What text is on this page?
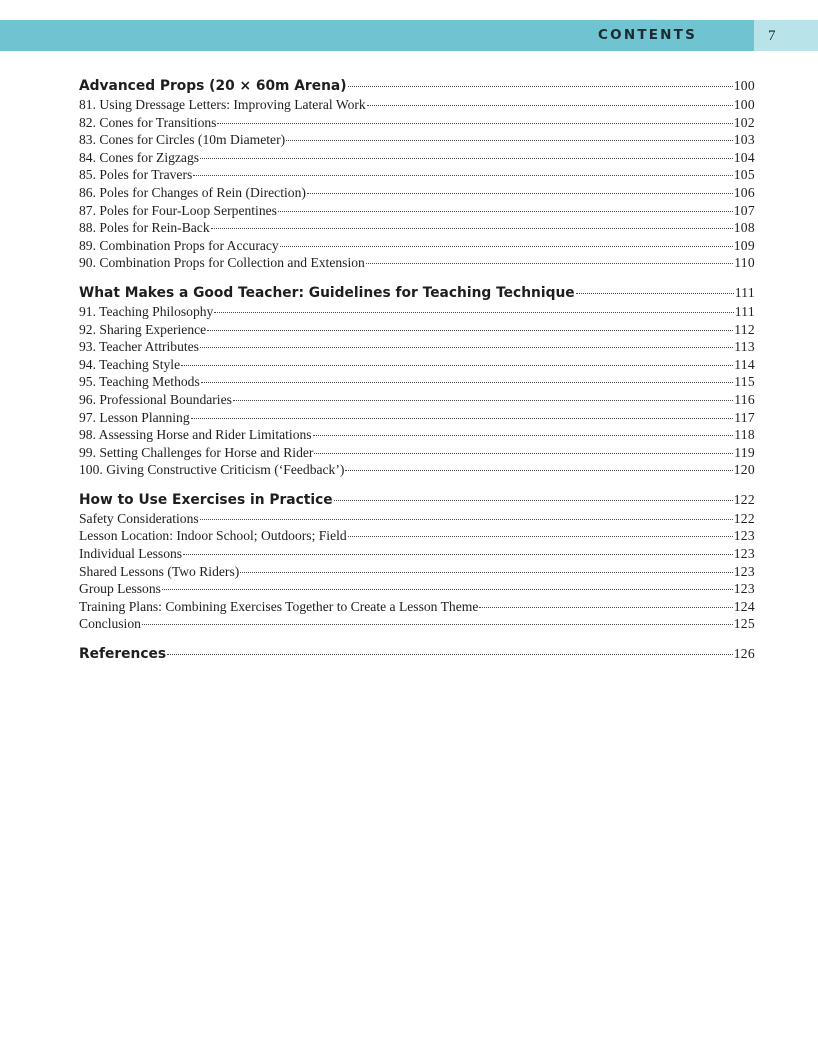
CONTENTS	7
Advanced Props (20 × 60m Arena)	100
81. Using Dressage Letters: Improving Lateral Work	100
82. Cones for Transitions	102
83. Cones for Circles (10m Diameter)	103
84. Cones for Zigzags	104
85. Poles for Travers	105
86. Poles for Changes of Rein (Direction)	106
87. Poles for Four-Loop Serpentines	107
88. Poles for Rein-Back	108
89. Combination Props for Accuracy	109
90. Combination Props for Collection and Extension	110
What Makes a Good Teacher: Guidelines for Teaching Technique	111
91. Teaching Philosophy	111
92. Sharing Experience	112
93. Teacher Attributes	113
94. Teaching Style	114
95. Teaching Methods	115
96. Professional Boundaries	116
97. Lesson Planning	117
98. Assessing Horse and Rider Limitations	118
99. Setting Challenges for Horse and Rider	119
100. Giving Constructive Criticism (‘Feedback’)	120
How to Use Exercises in Practice	122
Safety Considerations	122
Lesson Location: Indoor School; Outdoors; Field	123
Individual Lessons	123
Shared Lessons (Two Riders)	123
Group Lessons	123
Training Plans: Combining Exercises Together to Create a Lesson Theme	124
Conclusion	125
References	126
